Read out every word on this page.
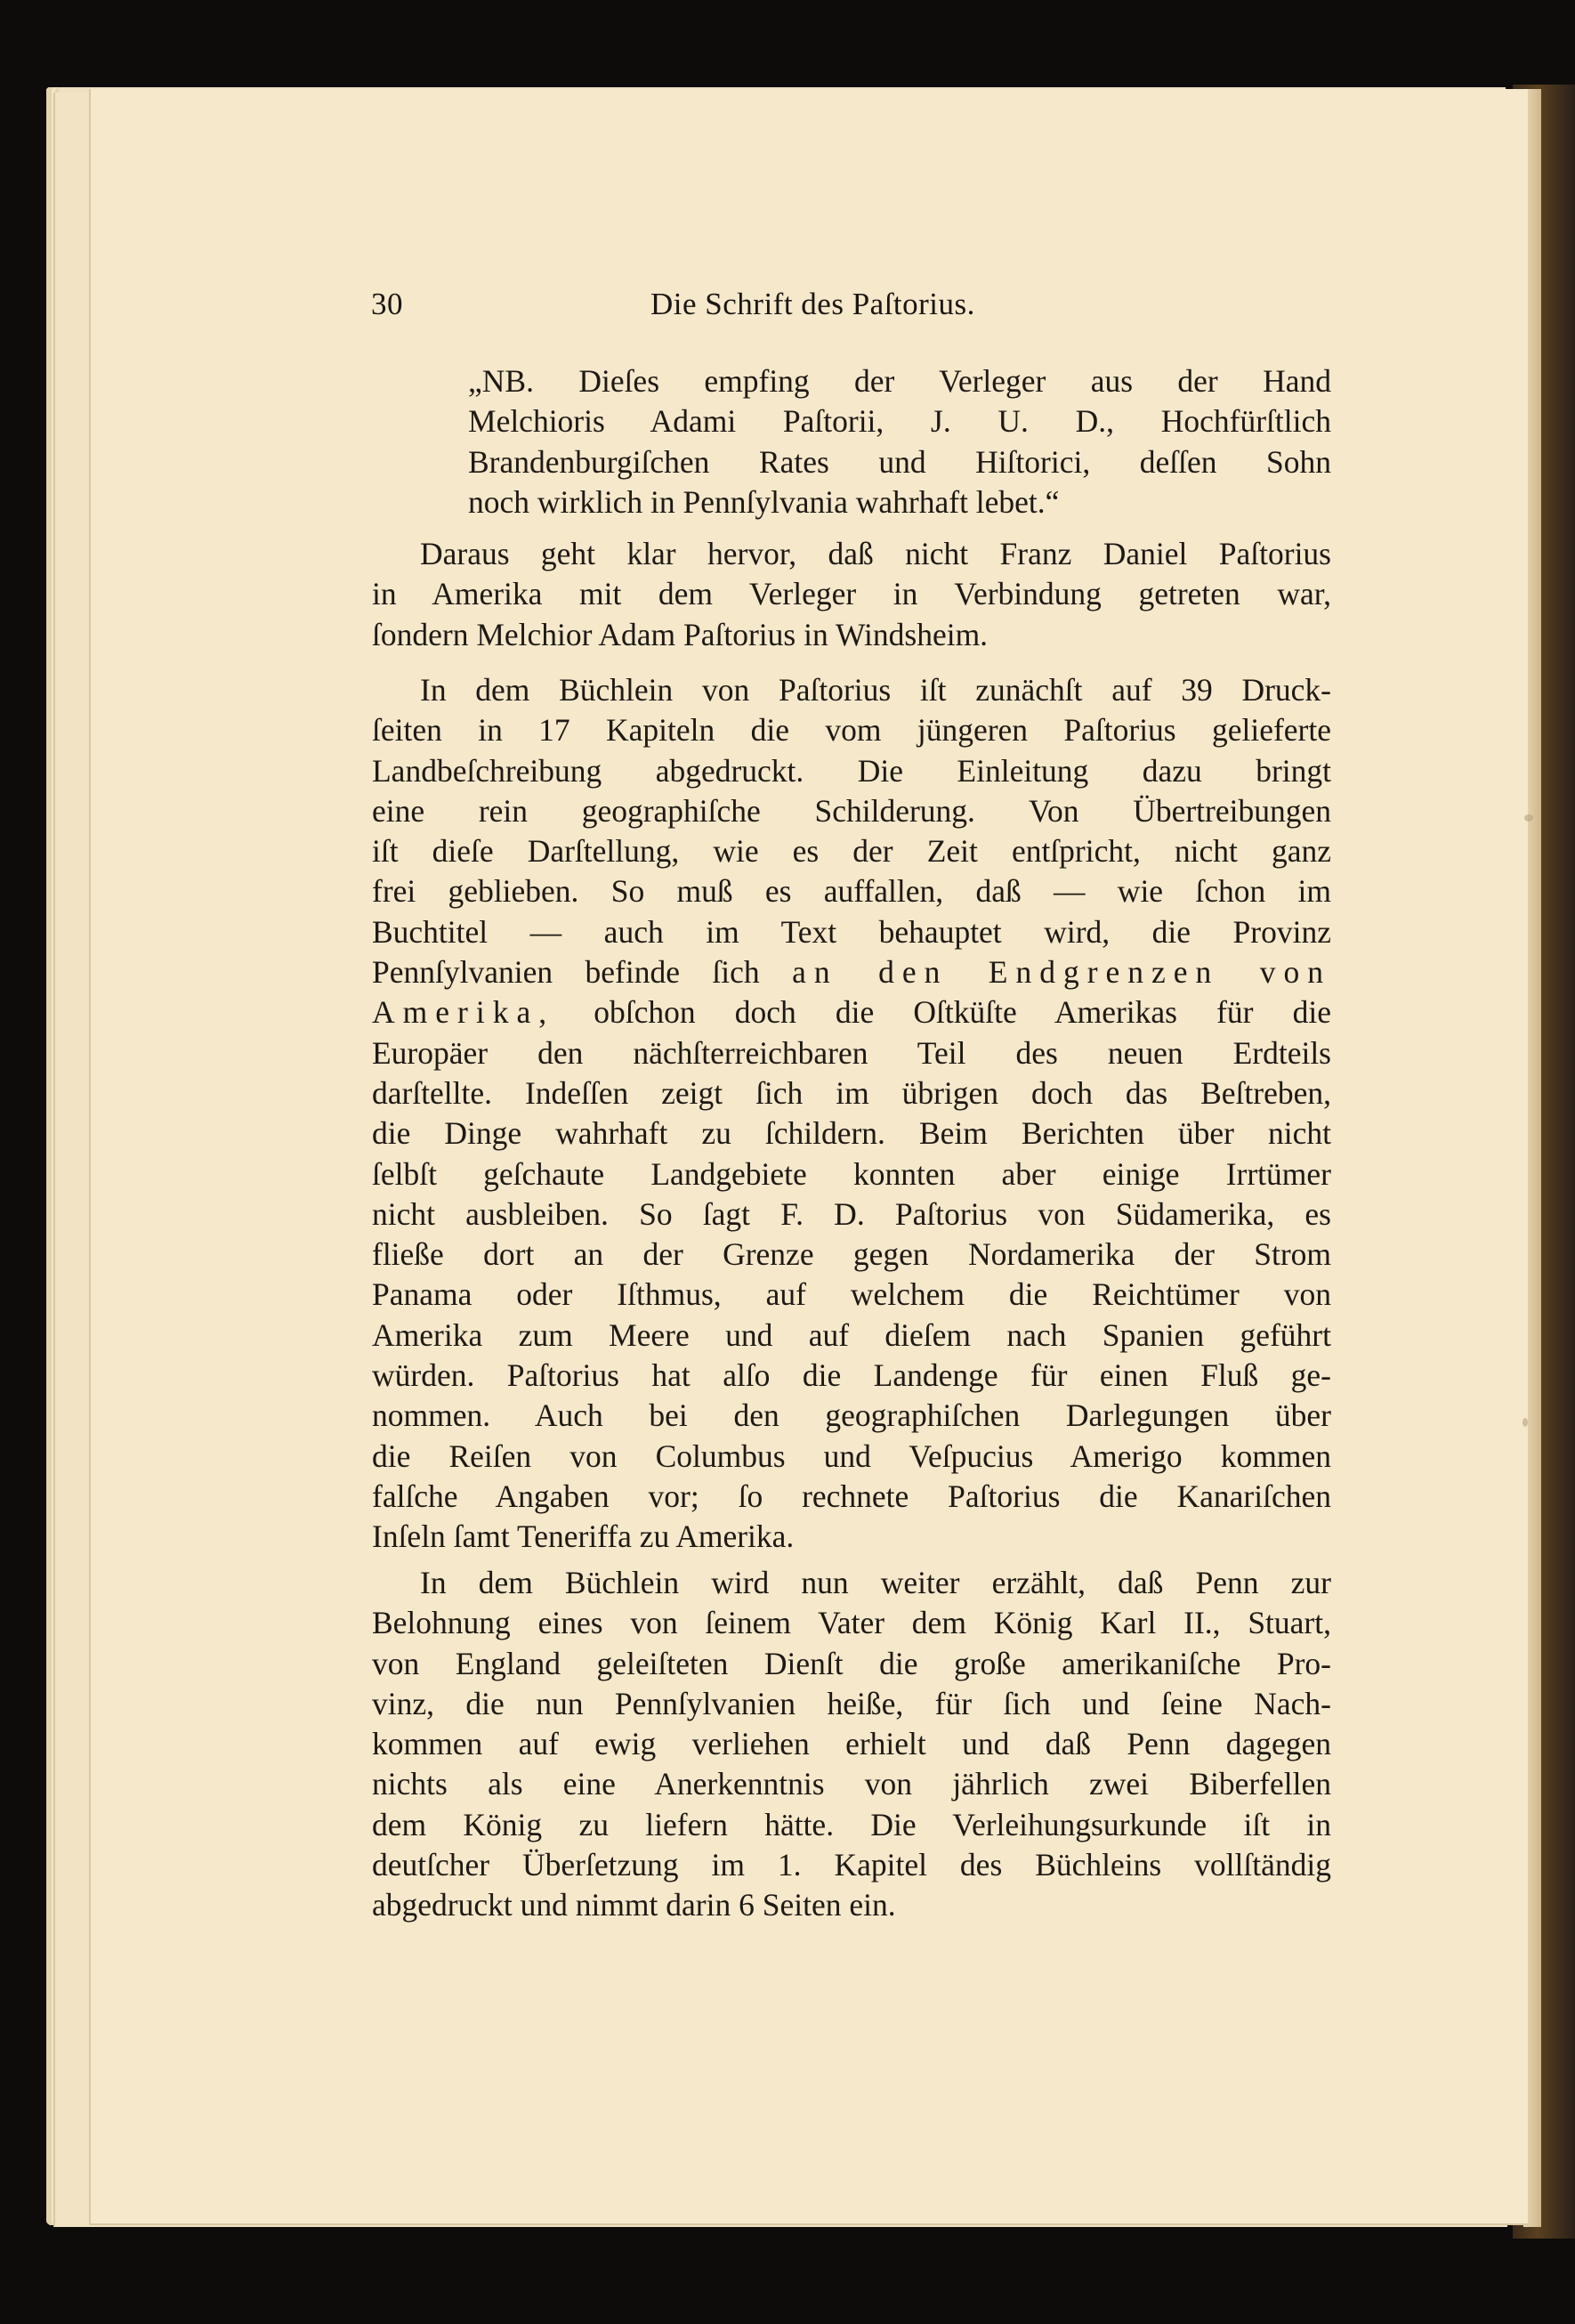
30	Die Schrift des Paſtorius.
„NB. Dieſes empfing der Verleger aus der Hand
Melchioris Adami Paſtorii, J. U. D., Hochfürſtlich
Brandenburgiſchen Rates und Hiſtorici, deſſen Sohn
noch wirklich in Pennſylvania wahrhaft lebet.“
Daraus geht klar hervor, daß nicht Franz Daniel Paſtorius
in Amerika mit dem Verleger in Verbindung getreten war,
ſondern Melchior Adam Paſtorius in Windsheim.
In dem Büchlein von Paſtorius iſt zunächſt auf 39 Druck-
ſeiten in 17 Kapiteln die vom jüngeren Paſtorius gelieferte
Landbeſchreibung abgedruckt. Die Einleitung dazu bringt
eine rein geographiſche Schilderung. Von Übertreibungen
iſt dieſe Darſtellung, wie es der Zeit entſpricht, nicht ganz
frei geblieben. So muß es auffallen, daß — wie ſchon im
Buchtitel — auch im Text behauptet wird, die Provinz
Pennſylvanien befinde ſich an den Endgrenzen von
Amerika, obſchon doch die Oſtküſte Amerikas für die
Europäer den nächſterreichbaren Teil des neuen Erdteils
darſtellte. Indeſſen zeigt ſich im übrigen doch das Beſtreben,
die Dinge wahrhaft zu ſchildern. Beim Berichten über nicht
ſelbſt geſchaute Landgebiete konnten aber einige Irrtümer
nicht ausbleiben. So ſagt F. D. Paſtorius von Südamerika, es
fließe dort an der Grenze gegen Nordamerika der Strom
Panama oder Iſthmus, auf welchem die Reichtümer von
Amerika zum Meere und auf dieſem nach Spanien geführt
würden. Paſtorius hat alſo die Landenge für einen Fluß ge-
nommen. Auch bei den geographiſchen Darlegungen über
die Reiſen von Columbus und Veſpucius Amerigo kommen
falſche Angaben vor; ſo rechnete Paſtorius die Kanariſchen
Inſeln ſamt Teneriffa zu Amerika.
In dem Büchlein wird nun weiter erzählt, daß Penn zur
Belohnung eines von ſeinem Vater dem König Karl II., Stuart,
von England geleiſteten Dienſt die große amerikaniſche Pro-
vinz, die nun Pennſylvanien heiße, für ſich und ſeine Nach-
kommen auf ewig verliehen erhielt und daß Penn dagegen
nichts als eine Anerkenntnis von jährlich zwei Biberfellen
dem König zu liefern hätte. Die Verleihungsurkunde iſt in
deutſcher Überſetzung im 1. Kapitel des Büchleins vollſtändig
abgedruckt und nimmt darin 6 Seiten ein.
